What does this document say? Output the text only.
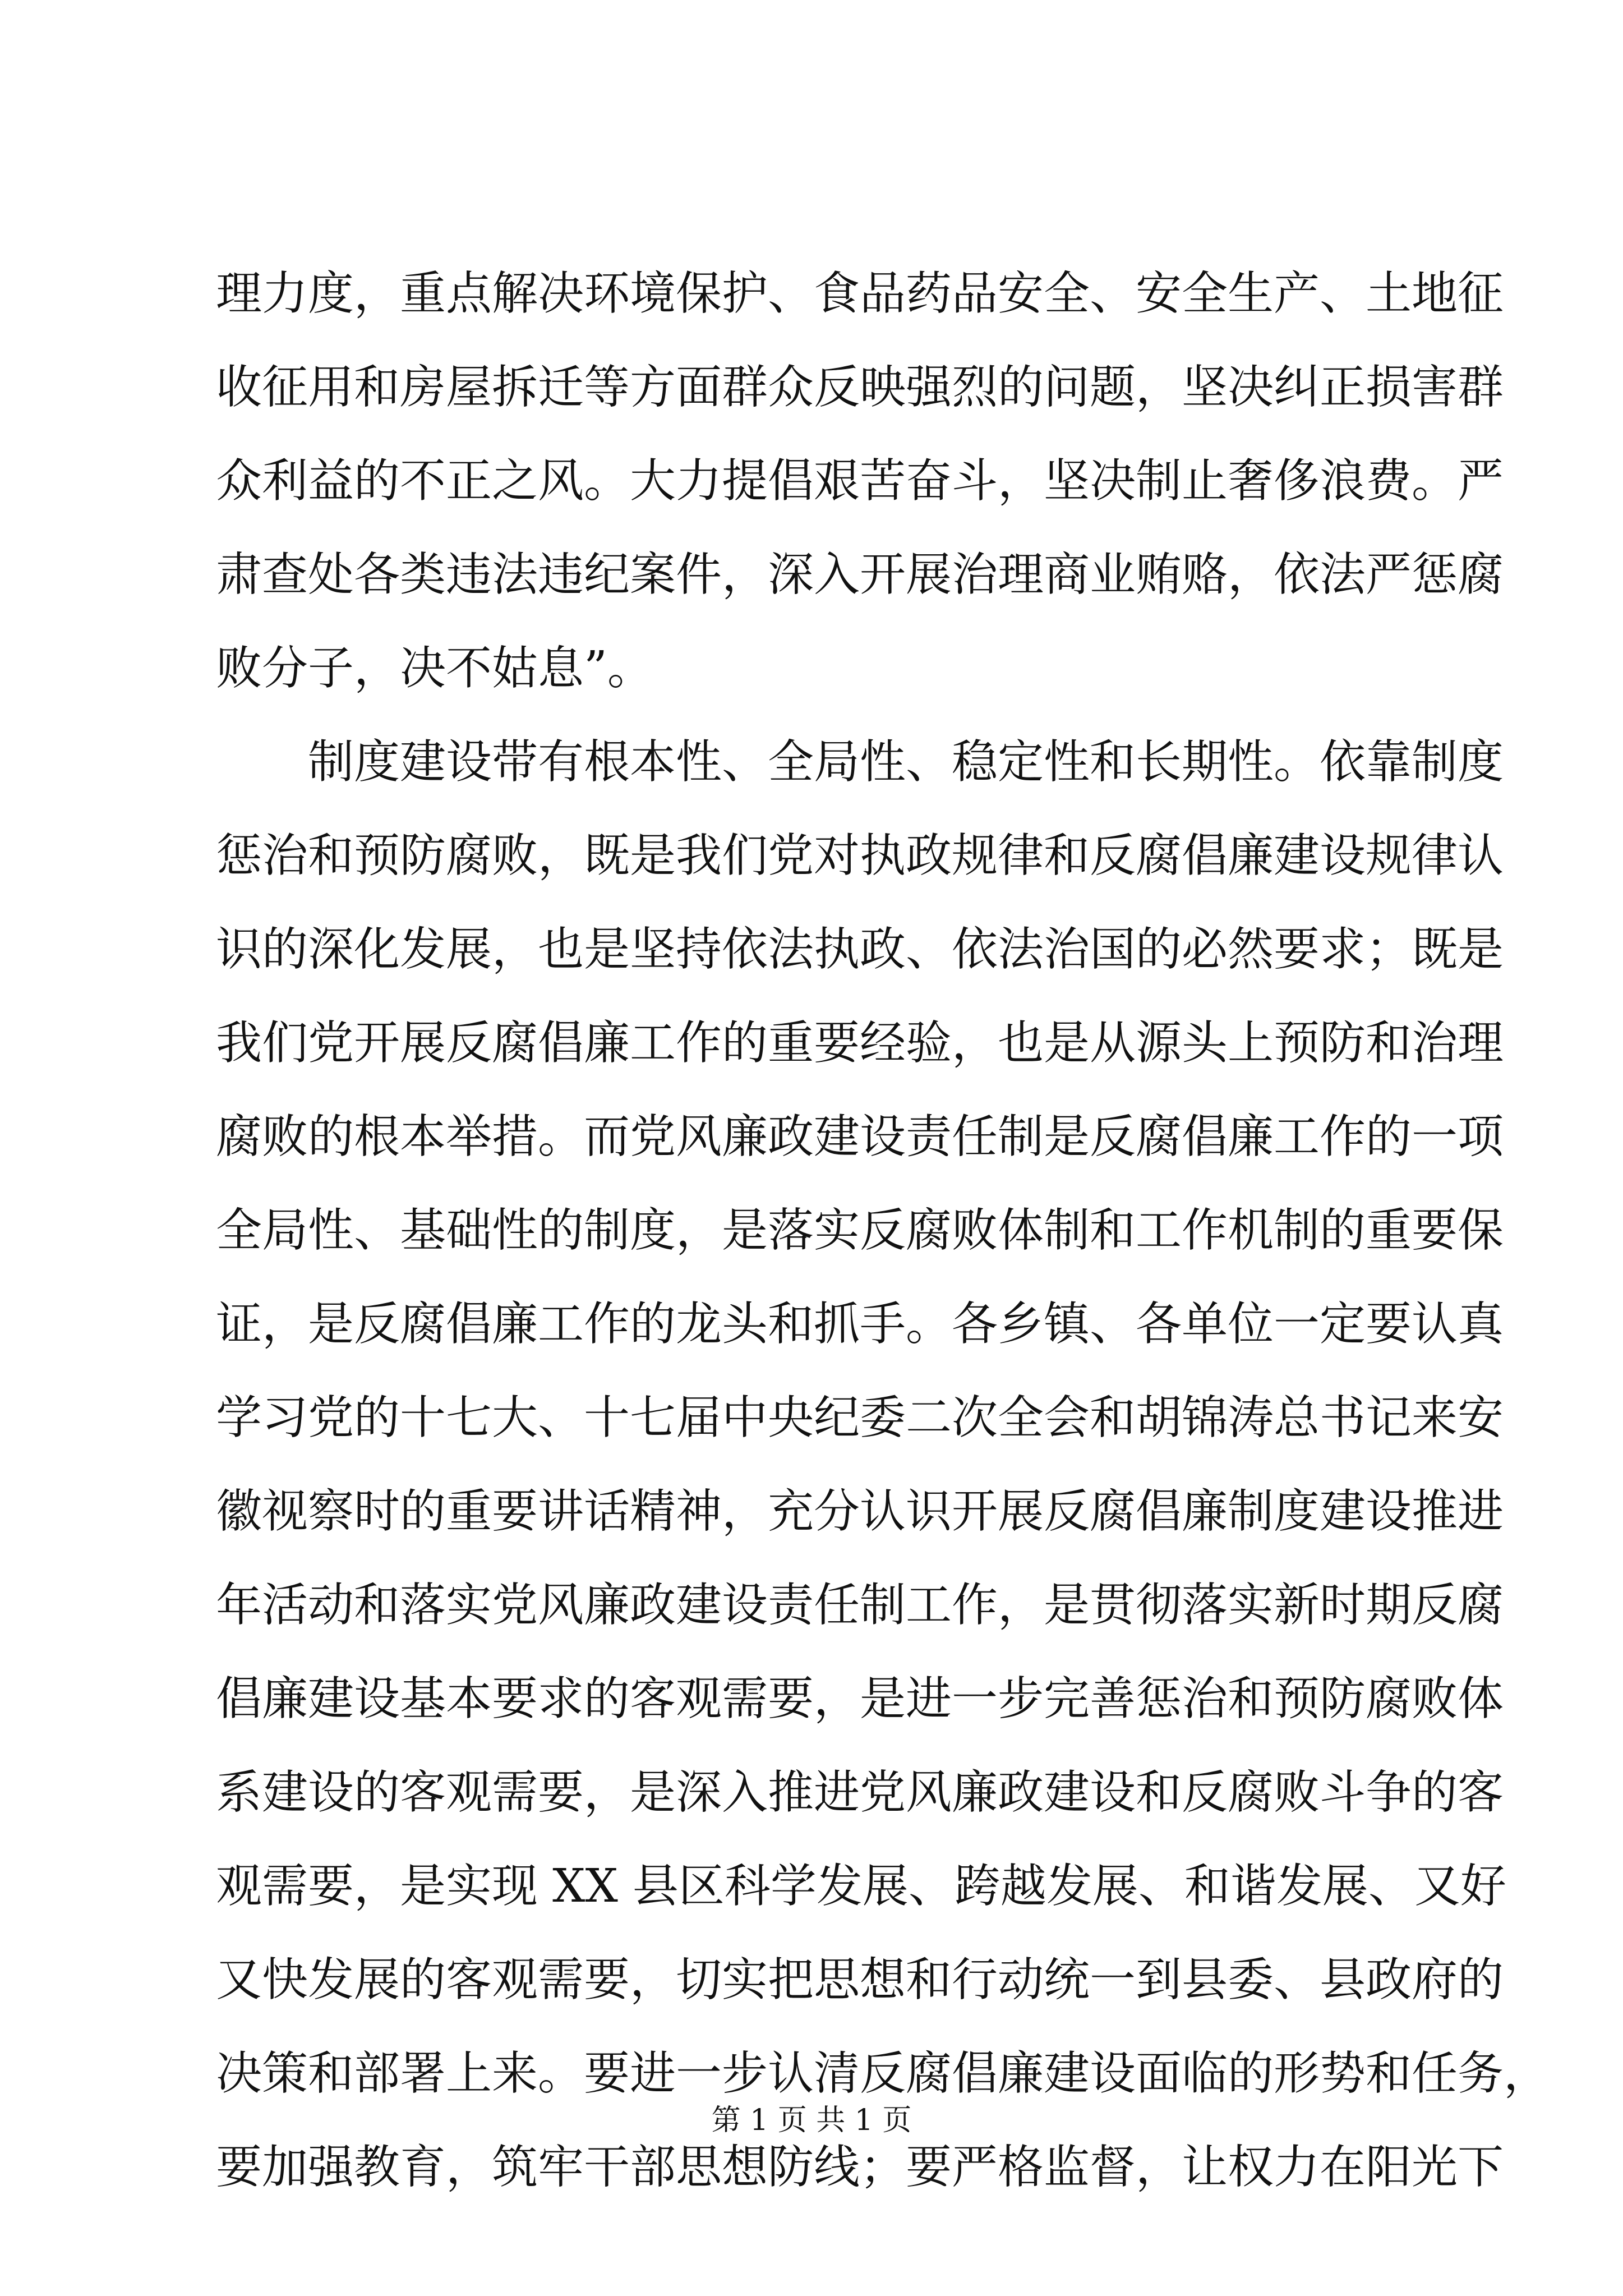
理力度，重点解决环境保护、食品药品安全、安全生产、土地征
收征用和房屋拆迁等方面群众反映强烈的问题，坚决纠正损害群
众利益的不正之风。大力提倡艰苦奋斗，坚决制止奢侈浪费。严
肃查处各类违法违纪案件，深入开展治理商业贿赂，依法严惩腐
败分子，决不姑息”。
制度建设带有根本性、全局性、稳定性和长期性。依靠制度
惩治和预防腐败，既是我们党对执政规律和反腐倡廉建设规律认
识的深化发展，也是坚持依法执政、依法治国的必然要求；既是
我们党开展反腐倡廉工作的重要经验，也是从源头上预防和治理
腐败的根本举措。而党风廉政建设责任制是反腐倡廉工作的一项
全局性、基础性的制度，是落实反腐败体制和工作机制的重要保
证，是反腐倡廉工作的龙头和抓手。各乡镇、各单位一定要认真
学习党的十七大、十七届中央纪委二次全会和胡锦涛总书记来安
徽视察时的重要讲话精神，充分认识开展反腐倡廉制度建设推进
年活动和落实党风廉政建设责任制工作，是贯彻落实新时期反腐
倡廉建设基本要求的客观需要，是进一步完善惩治和预防腐败体
系建设的客观需要，是深入推进党风廉政建设和反腐败斗争的客
观需要，是实现 XX 县区科学发展、跨越发展、和谐发展、又好
又快发展的客观需要，切实把思想和行动统一到县委、县政府的
决策和部署上来。要进一步认清反腐倡廉建设面临的形势和任务，
要加强教育，筑牢干部思想防线；要严格监督，让权力在阳光下
第 1 页 共 1 页
